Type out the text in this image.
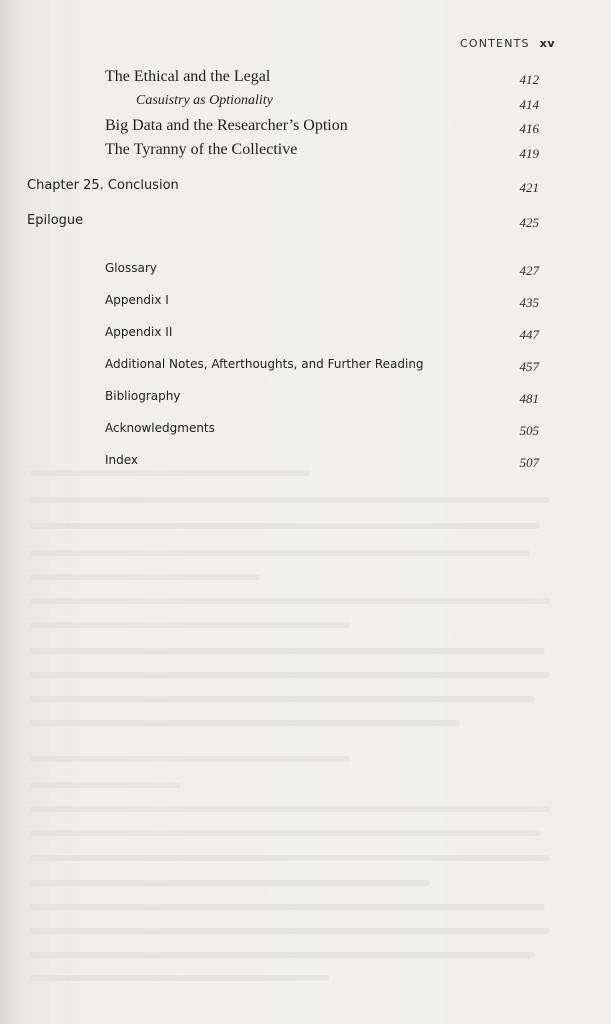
CONTENTS xv
The Ethical and the Legal	412
Casuistry as Optionality	414
Big Data and the Researcher’s Option	416
The Tyranny of the Collective	419
Chapter 25. Conclusion	421
Epilogue	425
Glossary	427
Appendix I	435
Appendix II	447
Additional Notes, Afterthoughts, and Further Reading	457
Bibliography	481
Acknowledgments	505
Index	507
